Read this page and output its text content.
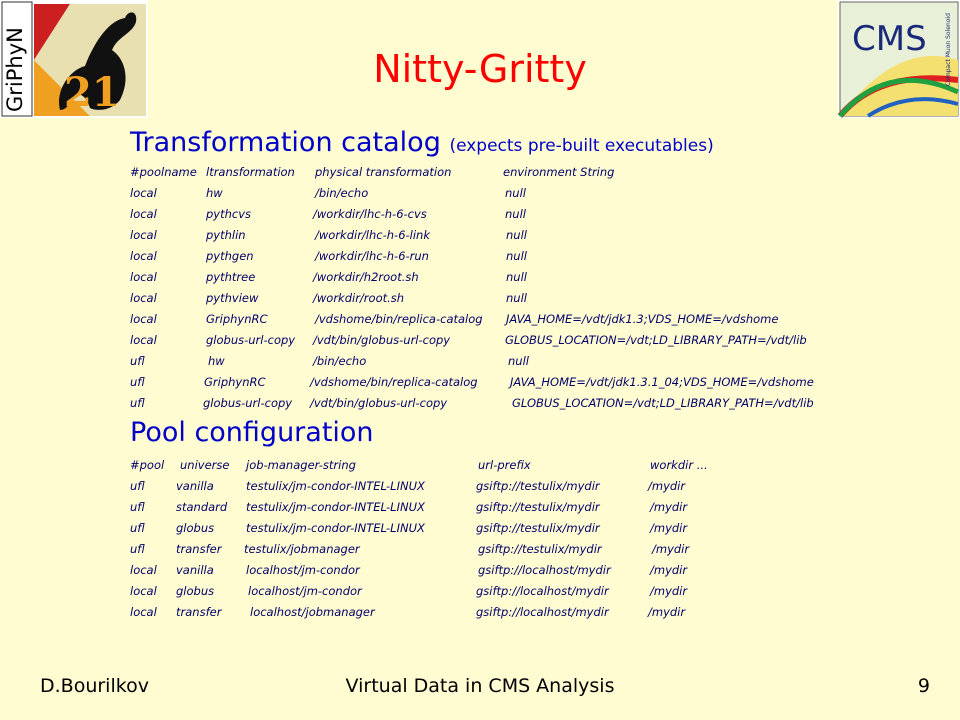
GriPhyN 21
CMS	Compact Muon Solenoid
Nitty-Gritty
Transformation catalog (expects pre-built executables)

#poolname ltransformation physical transformation	environment String

local	hw	/bin/echo	null

local	pythcvs	/workdir/lhc-h-6-cvs	null

local	pythlin	/workdir/lhc-h-6-link	null

local	pythgen	/workdir/lhc-h-6-run	null

local	pythtree	/workdir/h2root.sh	null

local	pythview	/workdir/root.sh	null

local	GriphynRC	/vdshome/bin/replica-catalog JAVA_HOME=/vdt/jdk1.3;VDS_HOME=/vdshome

local	globus-url-copy /vdt/bin/globus-url-copy	GLOBUS_LOCATION=/vdt;LD_LIBRARY_PATH=/vdt/lib

ufl	hw	/bin/echo	null

ufl	GriphynRC	/vdshome/bin/replica-catalog	JAVA_HOME=/vdt/jdk1.3.1_04;VDS_HOME=/vdshome

ufl	globus-url-copy /vdt/bin/globus-url-copy	GLOBUS_LOCATION=/vdt;LD_LIBRARY_PATH=/vdt/lib

Pool configuration

#pool universe job-manager-string	url-prefix	workdir ...

ufl	vanilla	testulix/jm-condor-INTEL-LINUX	gsiftp://testulix/mydir	/mydir

ufl	standard testulix/jm-condor-INTEL-LINUX	gsiftp://testulix/mydir	/mydir

ufl	globus	testulix/jm-condor-INTEL-LINUX	gsiftp://testulix/mydir	/mydir

ufl	transfer testulix/jobmanager	gsiftp://testulix/mydir	/mydir

local vanilla	localhost/jm-condor	gsiftp://localhost/mydir	/mydir

local globus	localhost/jm-condor	gsiftp://localhost/mydir	/mydir

local transfer localhost/jobmanager	gsiftp://localhost/mydir	/mydir

D.Bourilkov	Virtual Data in CMS Analysis	9
